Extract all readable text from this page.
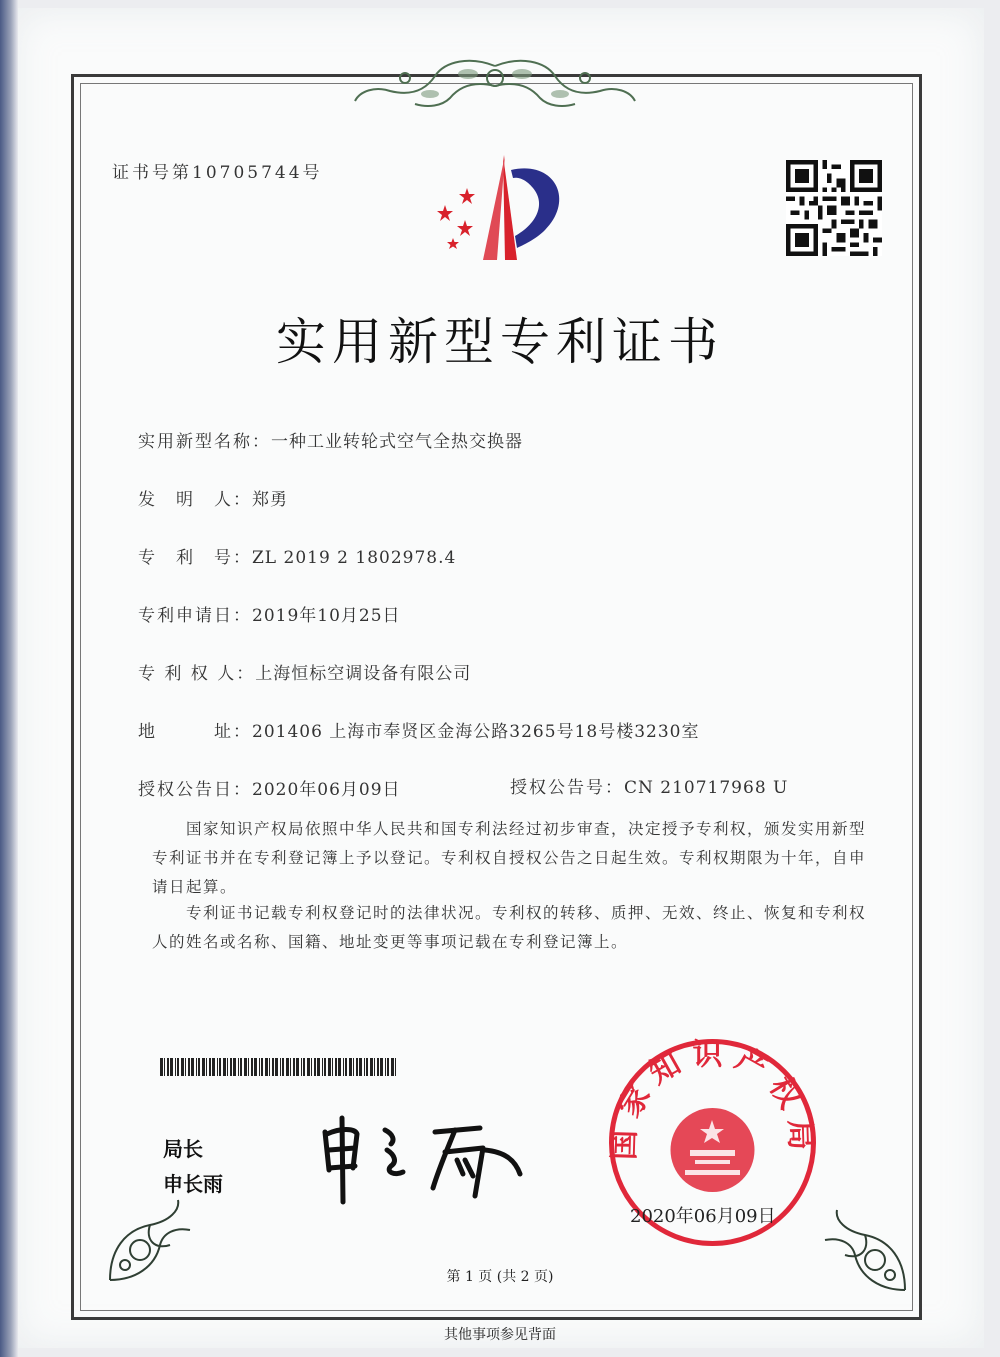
证书号第10705744号
实用新型专利证书
实用新型名称：一种工业转轮式空气全热交换器
发　明　人：郑勇
专　利　号：ZL 2019 2 1802978.4
专利申请日：2019年10月25日
专 利 权 人：上海恒标空调设备有限公司
地　　　址：201406 上海市奉贤区金海公路3265号18号楼3230室
授权公告日：2020年06月09日	授权公告号：CN 210717968 U
国家知识产权局依照中华人民共和国专利法经过初步审查，决定授予专利权，颁发实用新型专利证书并在专利登记簿上予以登记。专利权自授权公告之日起生效。专利权期限为十年，自申请日起算。
专利证书记载专利权登记时的法律状况。专利权的转移、质押、无效、终止、恢复和专利权人的姓名或名称、国籍、地址变更等事项记载在专利登记簿上。
局长
申长雨
国家知识产权局
2020年06月09日
第 1 页 (共 2 页)
其他事项参见背面
